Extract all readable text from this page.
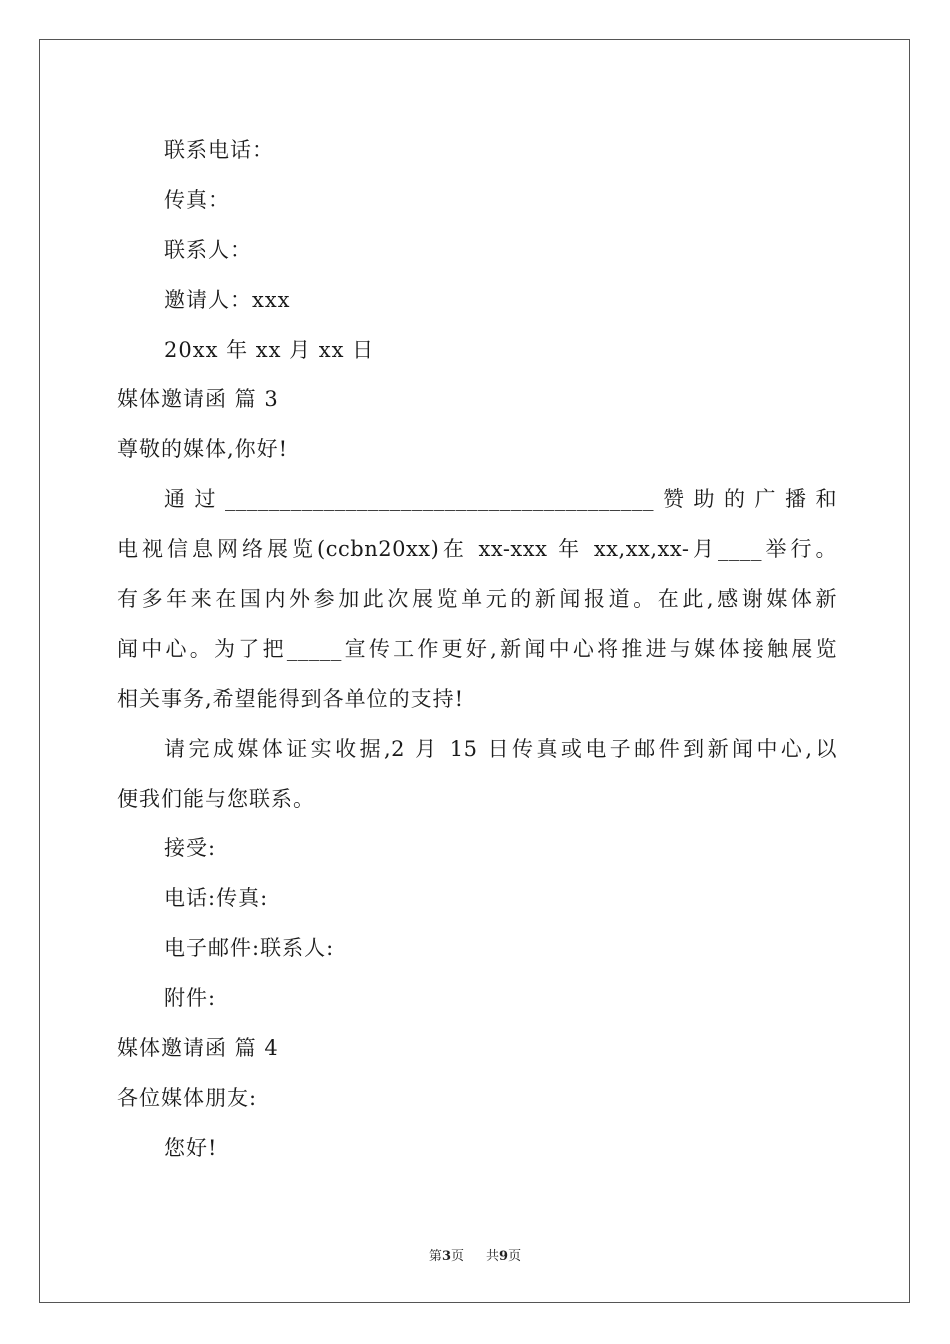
联系电话：
传真：
联系人：
邀请人：xxx
20xx 年 xx 月 xx 日
媒体邀请函 篇 3
尊敬的媒体,你好!
通过_______________________________________赞助的广播和
电视信息网络展览(ccbn20xx)在 xx-xxx 年 xx,xx,xx-月____举行。
有多年来在国内外参加此次展览单元的新闻报道。在此,感谢媒体新
闻中心。为了把_____宣传工作更好,新闻中心将推进与媒体接触展览
相关事务,希望能得到各单位的支持!
请完成媒体证实收据,2 月 15 日传真或电子邮件到新闻中心,以
便我们能与您联系。
接受:
电话:传真:
电子邮件:联系人:
附件:
媒体邀请函 篇 4
各位媒体朋友:
您好!
第3页 共9页
